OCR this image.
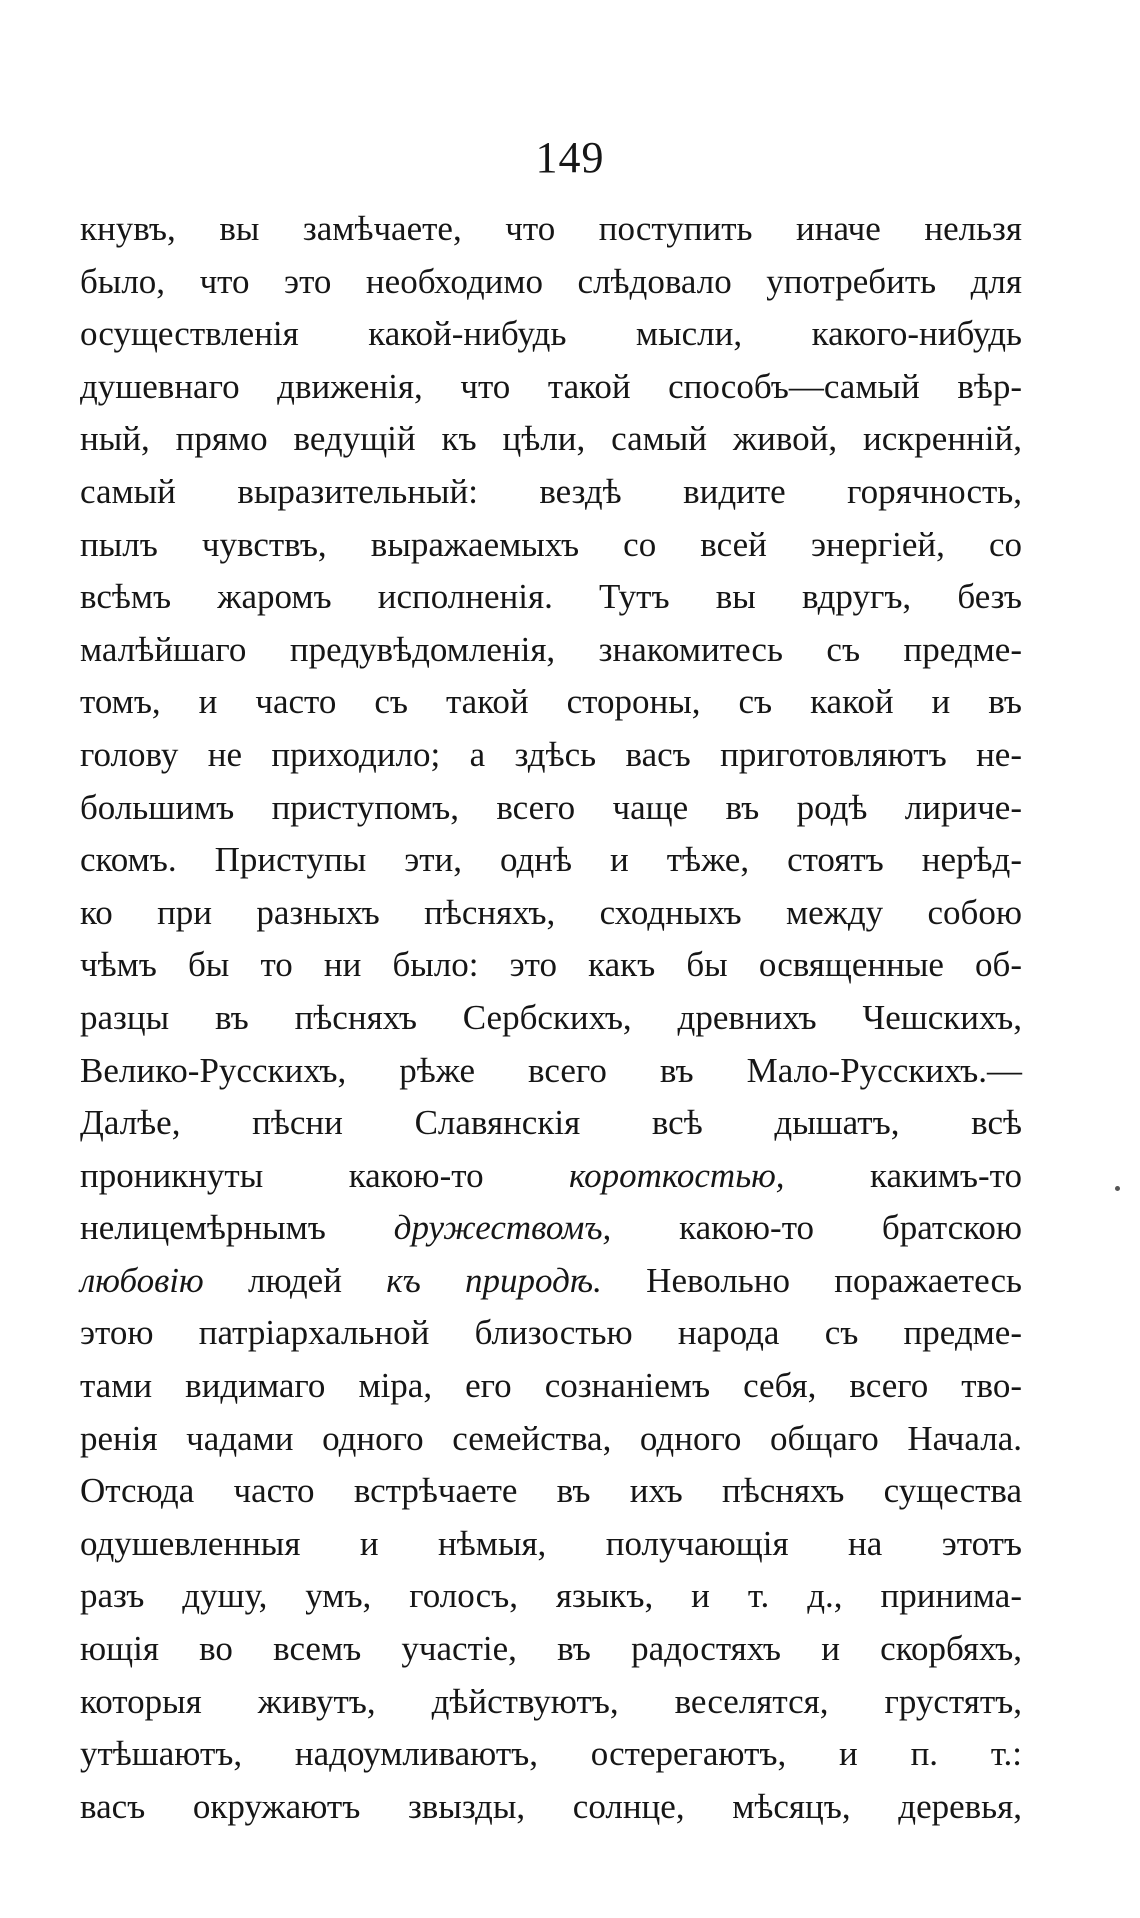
149
кнувъ, вы замѣчаете, что поступить иначе нельзя
было, что это необходимо слѣдовало употребить для
осуществленія какой-нибудь мысли, какого-нибудь
душевнаго движенія, что такой способъ—самый вѣр-
ный, прямо ведущій къ цѣли, самый живой, искренній,
самый выразительный: вездѣ видите горячность,
пылъ чувствъ, выражаемыхъ со всей энергіей, со
всѣмъ жаромъ исполненія. Тутъ вы вдругъ, безъ
малѣйшаго предувѣдомленія, знакомитесь съ предме-
томъ, и часто съ такой стороны, съ какой и въ
голову не приходило; а здѣсь васъ приготовляютъ не-
большимъ приступомъ, всего чаще въ родѣ лириче-
скомъ. Приступы эти, однѣ и тѣже, стоятъ нерѣд-
ко при разныхъ пѣсняхъ, сходныхъ между собою
чѣмъ бы то ни было: это какъ бы освященные об-
разцы въ пѣсняхъ Сербскихъ, древнихъ Чешскихъ,
Велико-Русскихъ, рѣже всего въ Мало-Русскихъ.—
Далѣе, пѣсни Славянскія всѣ дышатъ, всѣ
проникнуты какою-то короткостью, какимъ-то
нелицемѣрнымъ дружествомъ, какою-то братскою
любовію людей къ природѣ. Невольно поражаетесь
этою патріархальной близостью народа съ предме-
тами видимаго міра, его сознаніемъ себя, всего тво-
ренія чадами одного семейства, одного общаго Начала.
Отсюда часто встрѣчаете въ ихъ пѣсняхъ существа
одушевленныя и нѣмыя, получающія на этотъ
разъ душу, умъ, голосъ, языкъ, и т. д., принима-
ющія во всемъ участіе, въ радостяхъ и скорбяхъ,
которыя живутъ, дѣйствуютъ, веселятся, грустятъ,
утѣшаютъ, надоумливаютъ, остерегаютъ, и п. т.:
васъ окружаютъ звызды, солнце, мѣсяцъ, деревья,
